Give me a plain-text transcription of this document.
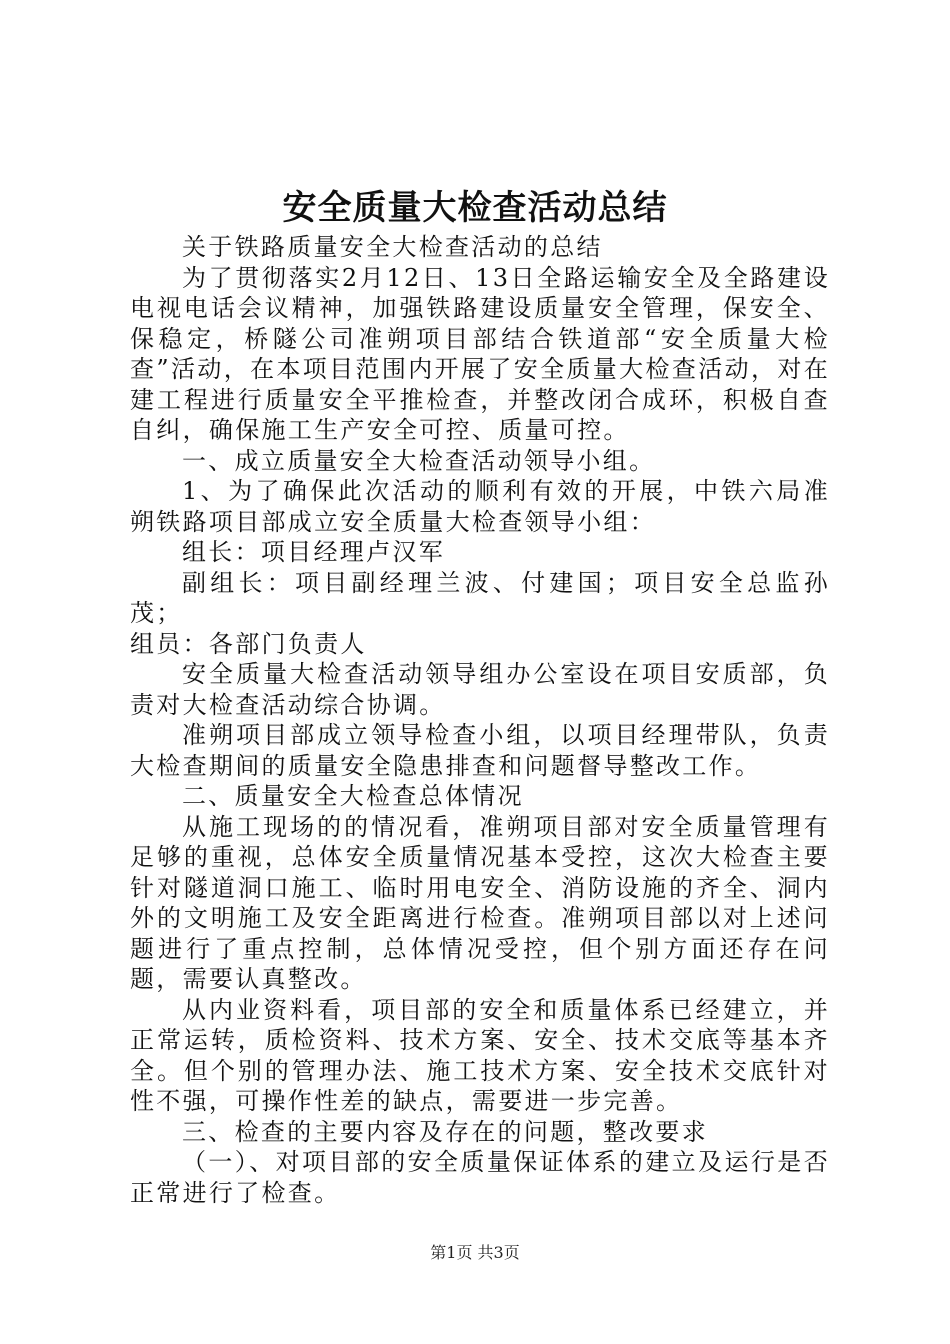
安全质量大检查活动总结

关于铁路质量安全大检查活动的总结

为了贯彻落实2月12日、13日全路运输安全及全路建设电视电话会议精神，加强铁路建设质量安全管理，保安全、保稳定，桥隧公司准朔项目部结合铁道部“安全质量大检查”活动，在本项目范围内开展了安全质量大检查活动，对在建工程进行质量安全平推检查，并整改闭合成环，积极自查自纠，确保施工生产安全可控、质量可控。

一、成立质量安全大检查活动领导小组。

1、为了确保此次活动的顺利有效的开展，中铁六局准朔铁路项目部成立安全质量大检查领导小组：

组长：项目经理卢汉军

副组长：项目副经理兰波、付建国；项目安全总监孙茂；

组员：各部门负责人

安全质量大检查活动领导组办公室设在项目安质部，负责对大检查活动综合协调。

准朔项目部成立领导检查小组，以项目经理带队，负责大检查期间的质量安全隐患排查和问题督导整改工作。

二、质量安全大检查总体情况

从施工现场的的情况看，准朔项目部对安全质量管理有足够的重视，总体安全质量情况基本受控，这次大检查主要针对隧道洞口施工、临时用电安全、消防设施的齐全、洞内外的文明施工及安全距离进行检查。准朔项目部以对上述问题进行了重点控制，总体情况受控，但个别方面还存在问题，需要认真整改。

从内业资料看，项目部的安全和质量体系已经建立，并正常运转，质检资料、技术方案、安全、技术交底等基本齐全。但个别的管理办法、施工技术方案、安全技术交底针对性不强，可操作性差的缺点，需要进一步完善。

三、检查的主要内容及存在的问题，整改要求

（一）、对项目部的安全质量保证体系的建立及运行是否正常进行了检查。

第1页 共3页
